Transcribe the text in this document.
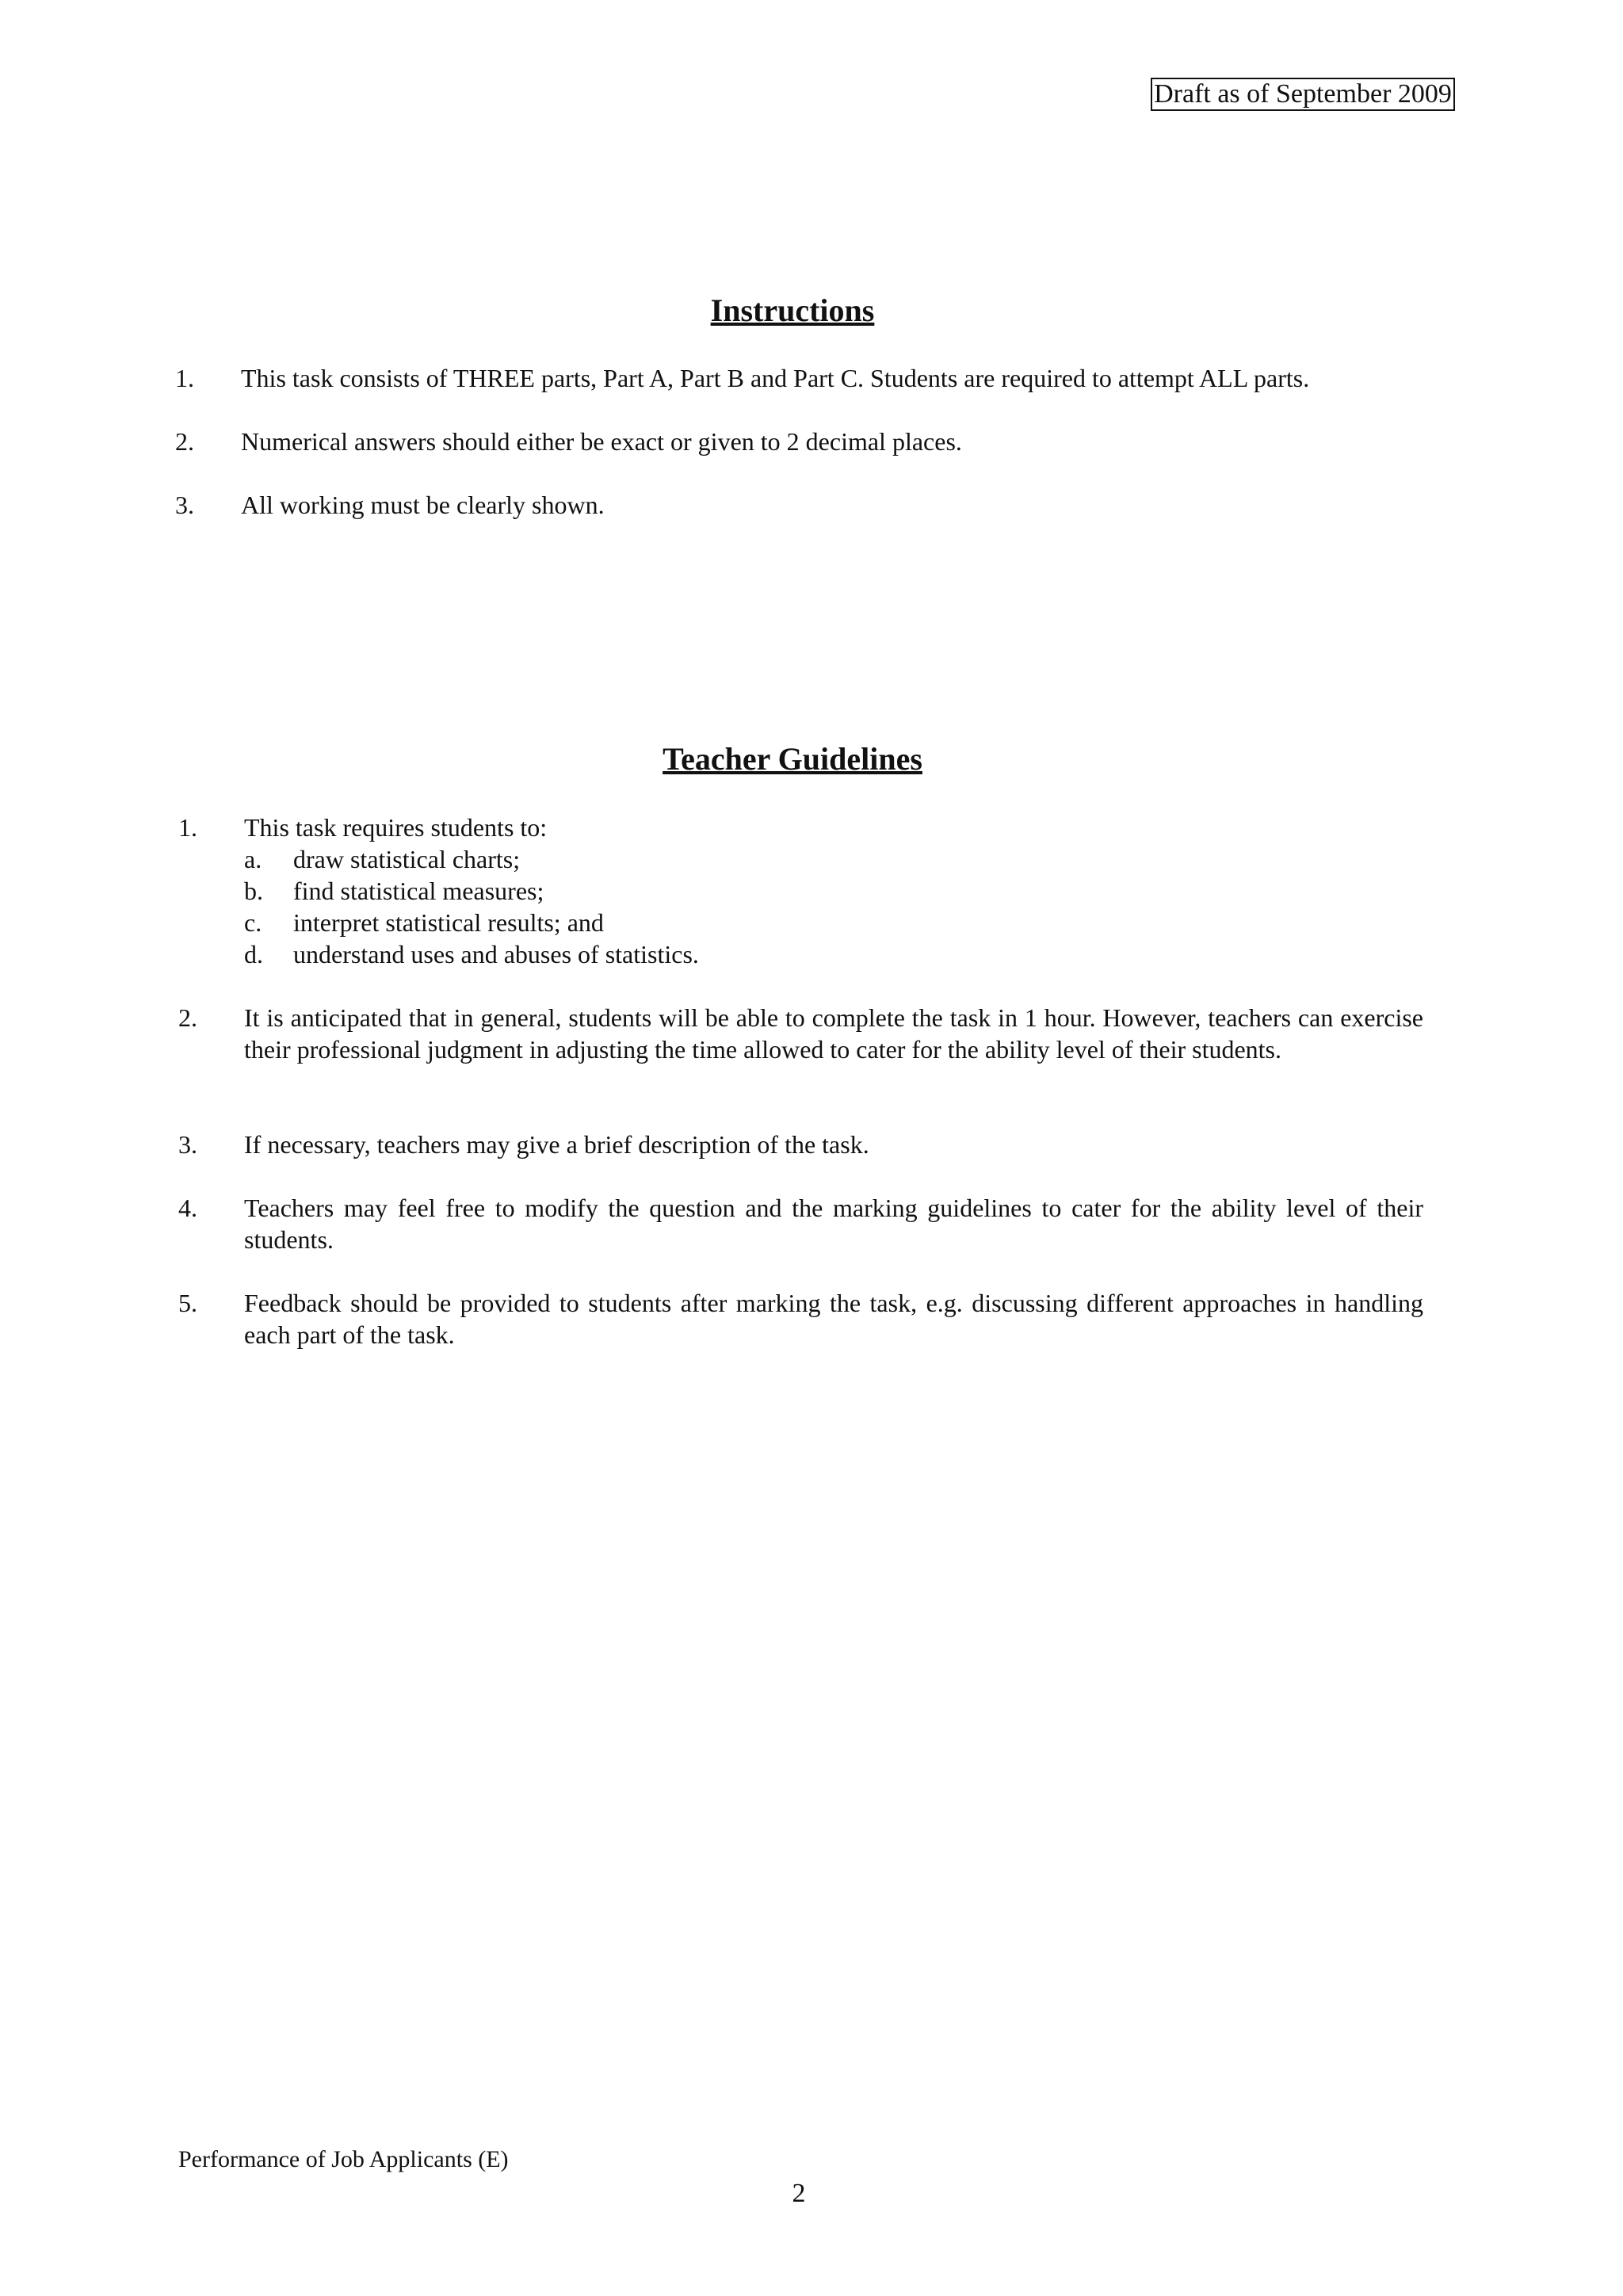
Draft as of September 2009
Instructions
1. This task consists of THREE parts, Part A, Part B and Part C. Students are required to attempt ALL parts.
2. Numerical answers should either be exact or given to 2 decimal places.
3. All working must be clearly shown.
Teacher Guidelines
1. This task requires students to:
a. draw statistical charts;
b. find statistical measures;
c. interpret statistical results; and
d. understand uses and abuses of statistics.
2. It is anticipated that in general, students will be able to complete the task in 1 hour. However, teachers can exercise their professional judgment in adjusting the time allowed to cater for the ability level of their students.
3. If necessary, teachers may give a brief description of the task.
4. Teachers may feel free to modify the question and the marking guidelines to cater for the ability level of their students.
5. Feedback should be provided to students after marking the task, e.g. discussing different approaches in handling each part of the task.
Performance of Job Applicants (E)
2
